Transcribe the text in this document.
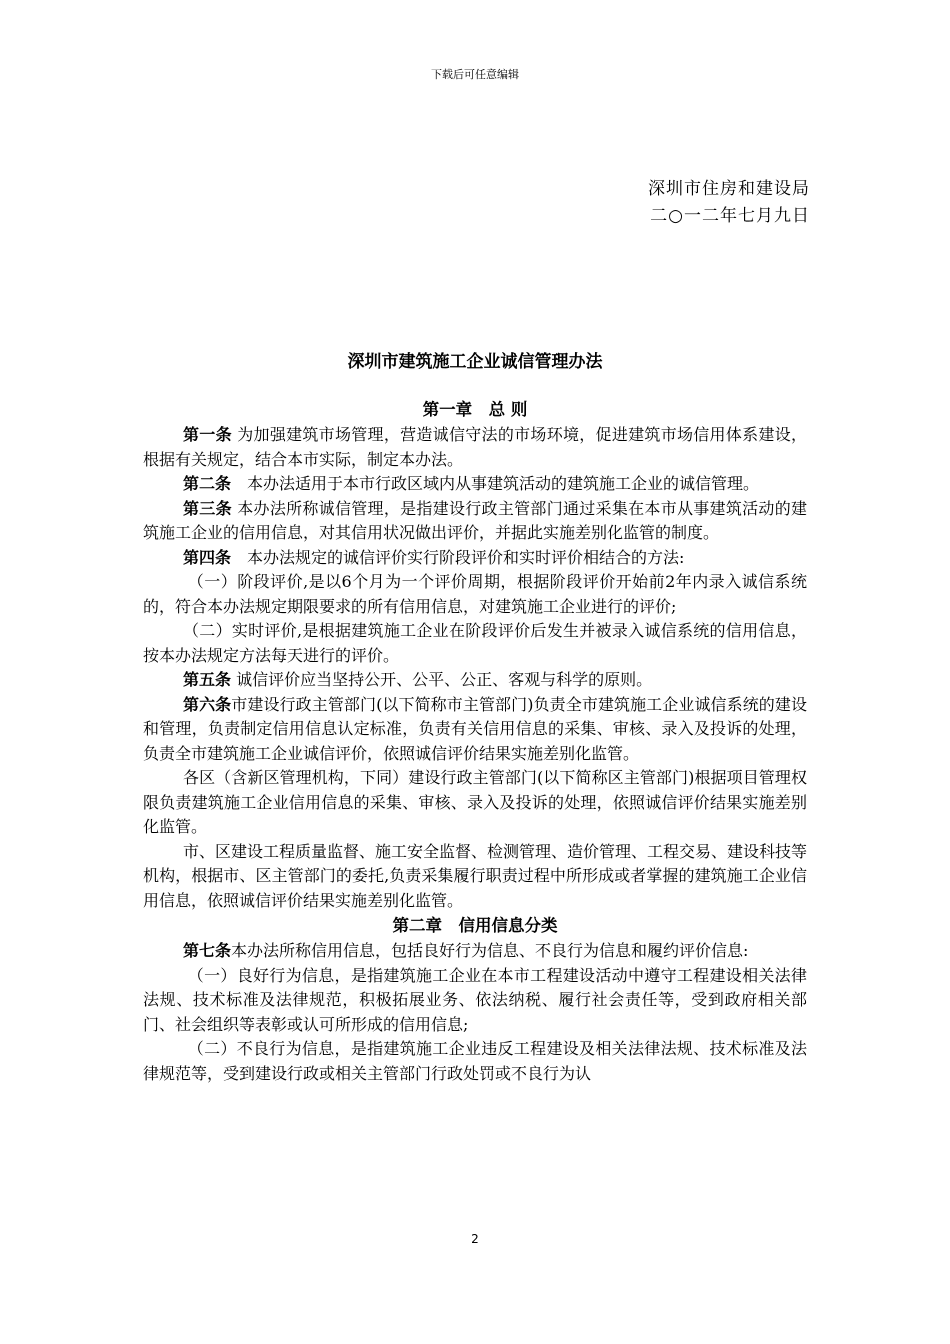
下载后可任意编辑
深圳市住房和建设局
二○一二年七月九日
深圳市建筑施工企业诚信管理办法
第一章　总 则

第一条 为加强建筑市场管理，营造诚信守法的市场环境，促进建筑市场信用体系建设，根据有关规定，结合本市实际，制定本办法。

第二条　本办法适用于本市行政区域内从事建筑活动的建筑施工企业的诚信管理。

第三条 本办法所称诚信管理，是指建设行政主管部门通过采集在本市从事建筑活动的建筑施工企业的信用信息，对其信用状况做出评价，并据此实施差别化监管的制度。

第四条　本办法规定的诚信评价实行阶段评价和实时评价相结合的方法:

（一）阶段评价,是以6个月为一个评价周期，根据阶段评价开始前2年内录入诚信系统的，符合本办法规定期限要求的所有信用信息，对建筑施工企业进行的评价;

（二）实时评价,是根据建筑施工企业在阶段评价后发生并被录入诚信系统的信用信息，按本办法规定方法每天进行的评价。

第五条 诚信评价应当坚持公开、公平、公正、客观与科学的原则。

第六条市建设行政主管部门(以下简称市主管部门)负责全市建筑施工企业诚信系统的建设和管理，负责制定信用信息认定标准，负责有关信用信息的采集、审核、录入及投诉的处理，负责全市建筑施工企业诚信评价，依照诚信评价结果实施差别化监管。

各区（含新区管理机构，下同）建设行政主管部门(以下简称区主管部门)根据项目管理权限负责建筑施工企业信用信息的采集、审核、录入及投诉的处理，依照诚信评价结果实施差别化监管。

市、区建设工程质量监督、施工安全监督、检测管理、造价管理、工程交易、建设科技等机构，根据市、区主管部门的委托,负责采集履行职责过程中所形成或者掌握的建筑施工企业信用信息，依照诚信评价结果实施差别化监管。

第二章　信用信息分类

第七条本办法所称信用信息，包括良好行为信息、不良行为信息和履约评价信息:

（一）良好行为信息，是指建筑施工企业在本市工程建设活动中遵守工程建设相关法律法规、技术标准及法律规范，积极拓展业务、依法纳税、履行社会责任等，受到政府相关部门、社会组织等表彰或认可所形成的信用信息;

（二）不良行为信息，是指建筑施工企业违反工程建设及相关法律法规、技术标准及法律规范等，受到建设行政或相关主管部门行政处罚或不良行为认

2
